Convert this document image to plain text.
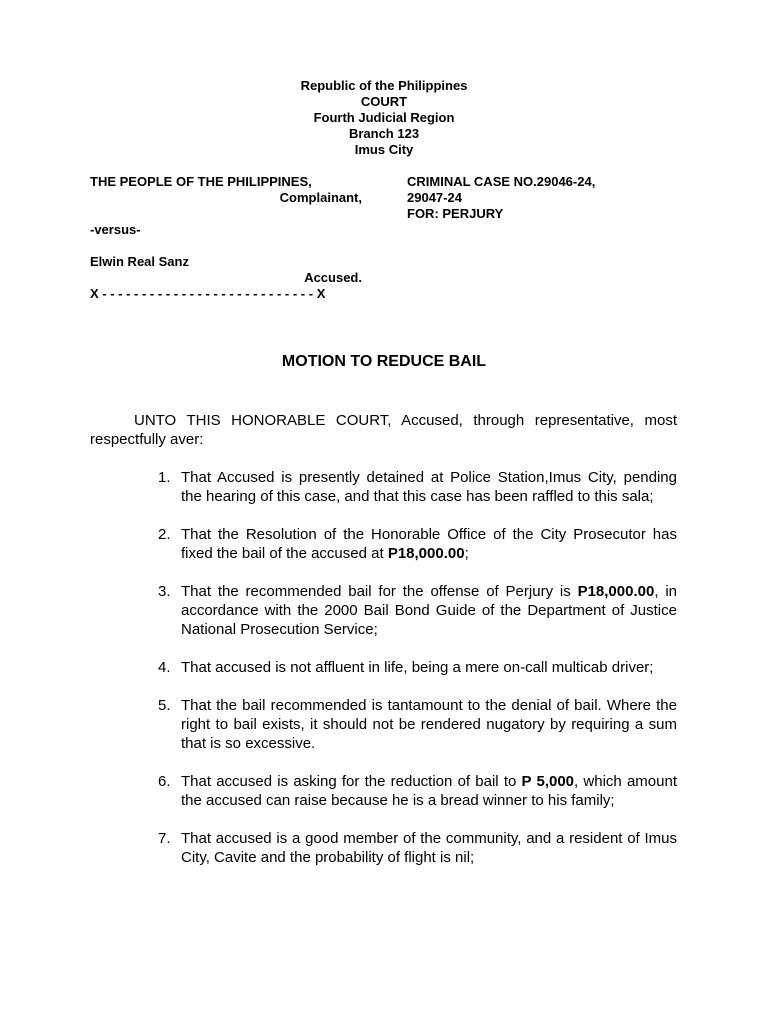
Republic of the Philippines
COURT
Fourth Judicial Region
Branch 123
Imus City
THE PEOPLE OF THE PHILIPPINES,
Complainant,
-versus-
Elwin Real Sanz
Accused.
X - - - - - - - - - - - - - - - - - - - - - - - - - - - X
CRIMINAL CASE NO.29046-24,
29047-24
FOR: PERJURY
MOTION TO REDUCE BAIL
UNTO THIS HONORABLE COURT, Accused, through representative, most respectfully aver:
1. That Accused is presently detained at Police Station,Imus City, pending the hearing of this case, and that this case has been raffled to this sala;
2. That the Resolution of the Honorable Office of the City Prosecutor has fixed the bail of the accused at P18,000.00;
3. That the recommended bail for the offense of Perjury is P18,000.00, in accordance with the 2000 Bail Bond Guide of the Department of Justice National Prosecution Service;
4. That accused is not affluent in life, being a mere on-call multicab driver;
5. That the bail recommended is tantamount to the denial of bail. Where the right to bail exists, it should not be rendered nugatory by requiring a sum that is so excessive.
6. That accused is asking for the reduction of bail to P 5,000, which amount the accused can raise because he is a bread winner to his family;
7. That accused is a good member of the community, and a resident of Imus City, Cavite and the probability of flight is nil;
